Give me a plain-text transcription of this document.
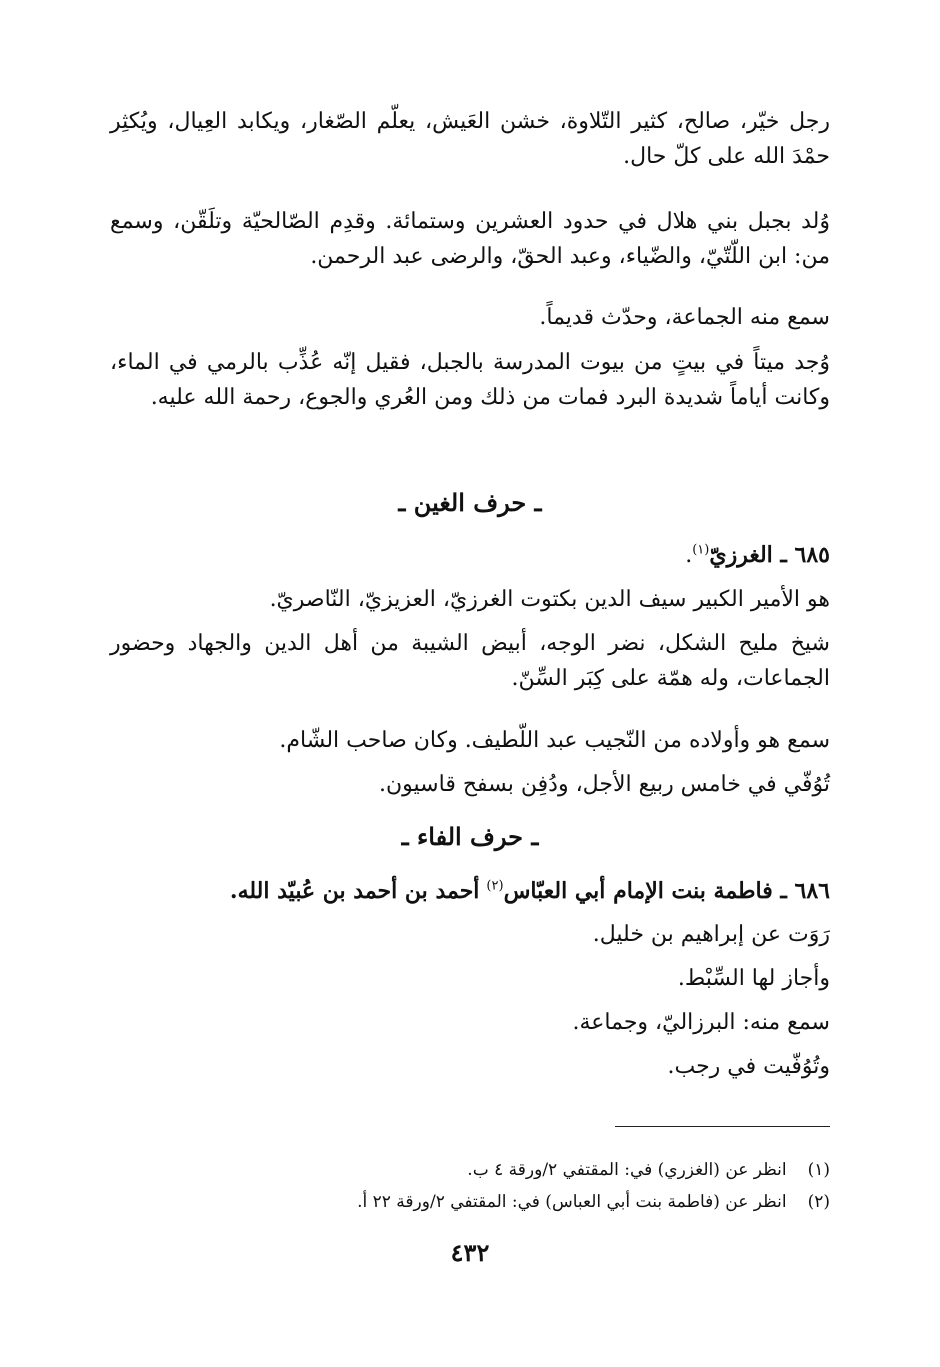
رجل خيّر، صالح، كثير التّلاوة، خشن العَيش، يعلّم الصّغار، ويكابد العِيال، ويُكثِر حمْدَ الله على كلّ حال.

وُلد بجبل بني هلال في حدود العشرين وستمائة. وقدِم الصّالحيّة وتلَقّن، وسمع من: ابن اللّتّيّ، والضّياء، وعبد الحقّ، والرضى عبد الرحمن.

سمع منه الجماعة، وحدّث قديماً.

وُجد ميتاً في بيتٍ من بيوت المدرسة بالجبل، فقيل إنّه عُذِّب بالرمي في الماء، وكانت أياماً شديدة البرد فمات من ذلك ومن العُري والجوع، رحمة الله عليه.

ـ حرف الغين ـ

٦٨٥ ـ الغرزيّ$^{(١)}$.

هو الأمير الكبير سيف الدين بكتوت الغرزيّ، العزيزيّ، النّاصريّ.

شيخ مليح الشكل، نضر الوجه، أبيض الشيبة من أهل الدين والجهاد وحضور الجماعات، وله همّة على كِبَر السِّنّ.

سمع هو وأولاده من النّجيب عبد اللّطيف. وكان صاحب الشّام.

تُوُفّي في خامس ربيع الأجل، ودُفِن بسفح قاسيون.

ـ حرف الفاء ـ

٦٨٦ ـ فاطمة بنت الإمام أبي العبّاس$^{(٢)}$ أحمد بن أحمد بن عُبيّد الله.

رَوَت عن إبراهيم بن خليل.

وأجاز لها السِّبْط.

سمع منه: البرزاليّ، وجماعة.

وتُوُفّيت في رجب.

(١) انظر عن (الغزري) في: المقتفي ٢/ورقة ٤ ب.

(٢) انظر عن (فاطمة بنت أبي العباس) في: المقتفي ٢/ورقة ٢٢ أ.

٤٣٢
